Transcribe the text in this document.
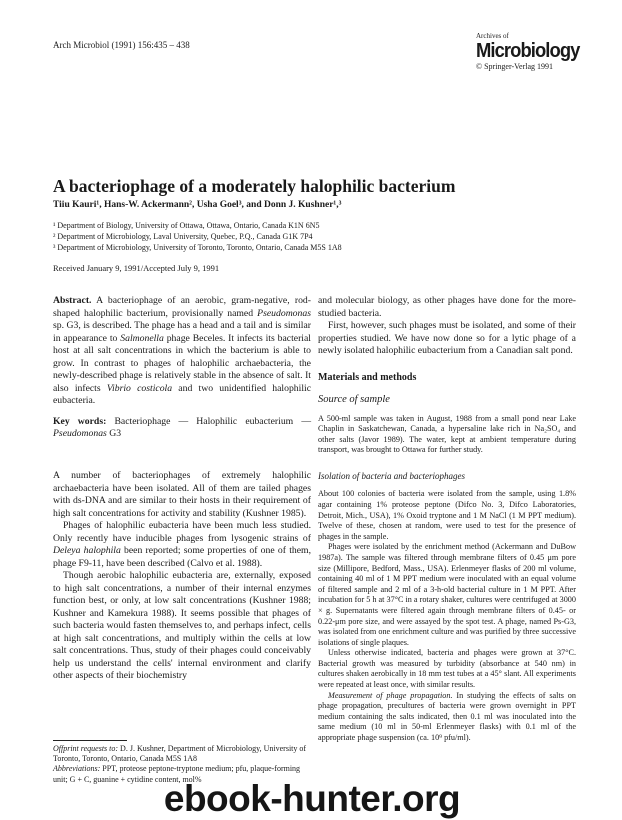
Arch Microbiol (1991) 156:435 – 438
Archives of
Microbiology
© Springer-Verlag 1991
A bacteriophage of a moderately halophilic bacterium
Tiiu Kauri¹, Hans-W. Ackermann², Usha Goel³, and Donn J. Kushner¹,³
¹ Department of Biology, University of Ottawa, Ottawa, Ontario, Canada K1N 6N5
² Department of Microbiology, Laval University, Quebec, P.Q., Canada G1K 7P4
³ Department of Microbiology, University of Toronto, Toronto, Ontario, Canada M5S 1A8
Received January 9, 1991/Accepted July 9, 1991

Abstract. A bacteriophage of an aerobic, gram-negative, rod-shaped halophilic bacterium, provisionally named Pseudomonas sp. G3, is described. The phage has a head and a tail and is similar in appearance to Salmonella phage Beceles. It infects its bacterial host at all salt concentrations in which the bacterium is able to grow. In contrast to phages of halophilic archaebacteria, the newly-described phage is relatively stable in the absence of salt. It also infects Vibrio costicola and two unidentified halophilic eubacteria.

Key words: Bacteriophage — Halophilic eubacterium — Pseudomonas G3

A number of bacteriophages of extremely halophilic archaebacteria have been isolated. All of them are tailed phages with ds-DNA and are similar to their hosts in their requirement of high salt concentrations for activity and stability (Kushner 1985).

Phages of halophilic eubacteria have been much less studied. Only recently have inducible phages from lysogenic strains of Deleya halophila been reported; some properties of one of them, phage F9-11, have been described (Calvo et al. 1988).

Though aerobic halophilic eubacteria are, externally, exposed to high salt concentrations, a number of their internal enzymes function best, or only, at low salt concentrations (Kushner 1988; Kushner and Kamekura 1988). It seems possible that phages of such bacteria would fasten themselves to, and perhaps infect, cells at high salt concentrations, and multiply within the cells at low salt concentrations. Thus, study of their phages could conceivably help us understand the cells' internal environment and clarify other aspects of their biochemistry

Offprint requests to: D. J. Kushner, Department of Microbiology, University of Toronto, Toronto, Ontario, Canada M5S 1A8

Abbreviations: PPT, proteose peptone-tryptone medium; pfu, plaque-forming unit; G + C, guanine + cytidine content, mol%

and molecular biology, as other phages have done for the more-studied bacteria.

First, however, such phages must be isolated, and some of their properties studied. We have now done so for a lytic phage of a newly isolated halophilic eubacterium from a Canadian salt pond.

Materials and methods
Source of sample

A 500-ml sample was taken in August, 1988 from a small pond near Lake Chaplin in Saskatchewan, Canada, a hypersaline lake rich in Na₂SO₄ and other salts (Javor 1989). The water, kept at ambient temperature during transport, was brought to Ottawa for further study.

Isolation of bacteria and bacteriophages

About 100 colonies of bacteria were isolated from the sample, using 1.8% agar containing 1% proteose peptone (Difco No. 3, Difco Laboratories, Detroit, Mich., USA), 1% Oxoid tryptone and 1 M NaCl (1 M PPT medium). Twelve of these, chosen at random, were used to test for the presence of phages in the sample.

Phages were isolated by the enrichment method (Ackermann and DuBow 1987a). The sample was filtered through membrane filters of 0.45 μm pore size (Millipore, Bedford, Mass., USA). Erlenmeyer flasks of 200 ml volume, containing 40 ml of 1 M PPT medium were inoculated with an equal volume of filtered sample and 2 ml of a 3-h-old bacterial culture in 1 M PPT. After incubation for 5 h at 37°C in a rotary shaker, cultures were centrifuged at 3000 × g. Supernatants were filtered again through membrane filters of 0.45- or 0.22-μm pore size, and were assayed by the spot test. A phage, named Ps-G3, was isolated from one enrichment culture and was purified by three successive isolations of single plaques.

Unless otherwise indicated, bacteria and phages were grown at 37°C. Bacterial growth was measured by turbidity (absorbance at 540 nm) in cultures shaken aerobically in 18 mm test tubes at a 45° slant. All experiments were repeated at least once, with similar results.

Measurement of phage propagation. In studying the effects of salts on phage propagation, precultures of bacteria were grown overnight in PPT medium containing the salts indicated, then 0.1 ml was inoculated into the same medium (10 ml in 50-ml Erlenmeyer flasks) with 0.1 ml of the appropriate phage suspension (ca. 10⁹ pfu/ml).

ebook-hunter.org
